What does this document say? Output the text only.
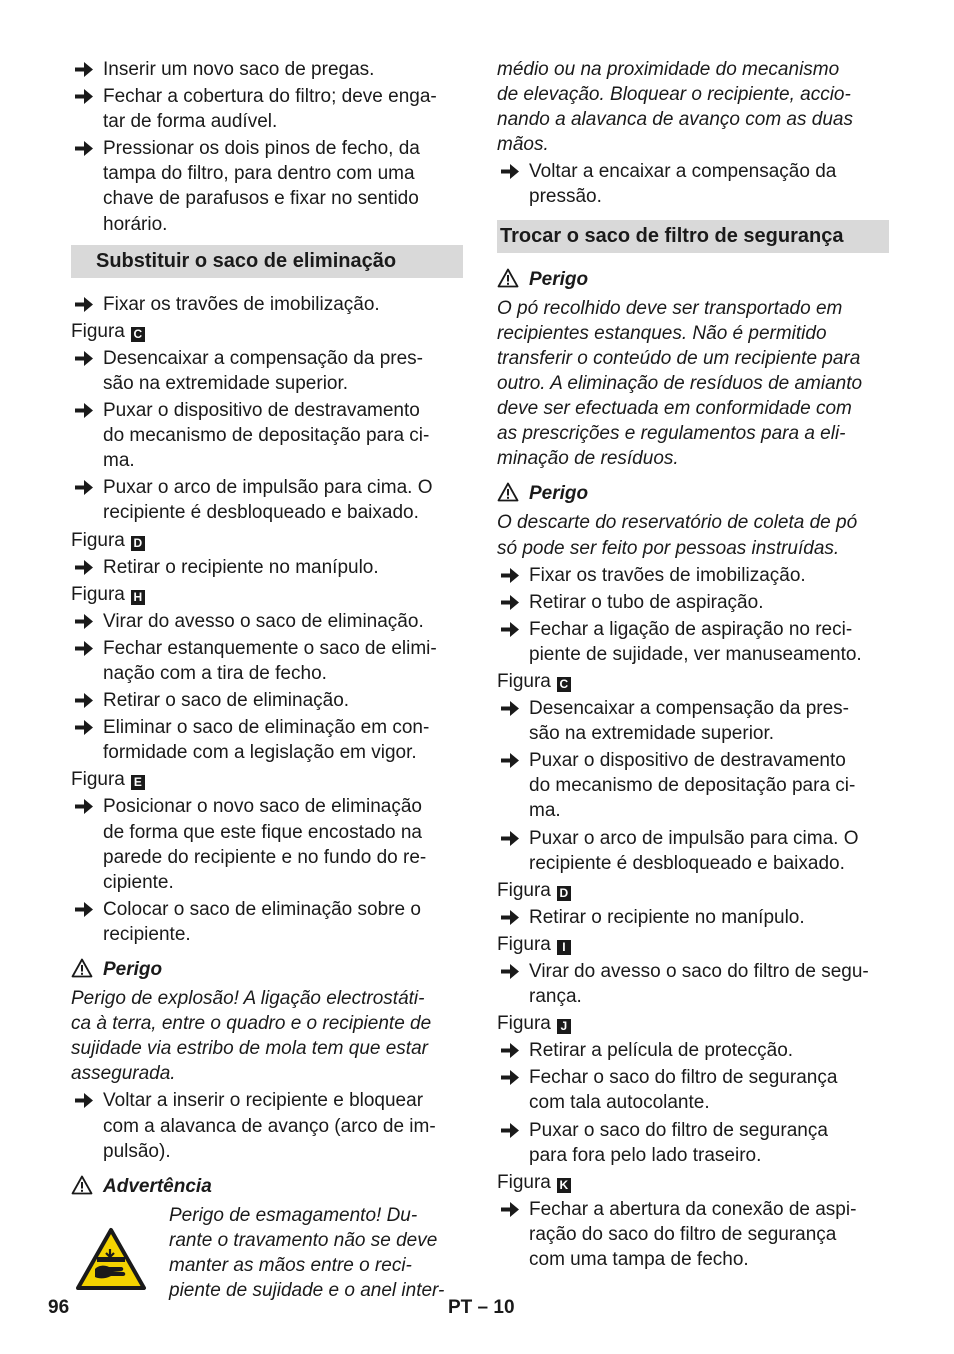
Inserir um novo saco de pregas.
Fechar a cobertura do filtro; deve enga-
tar de forma audível.
Pressionar os dois pinos de fecho, da
tampa do filtro, para dentro com uma
chave de parafusos e fixar no sentido
horário.
Substituir o saco de eliminação
Fixar os travões de imobilização.
Figura C
Desencaixar a compensação da pres-
são na extremidade superior.
Puxar o dispositivo de destravamento
do mecanismo de depositação para ci-
ma.
Puxar o arco de impulsão para cima. O
recipiente é desbloqueado e baixado.
Figura D
Retirar o recipiente no manípulo.
Figura H
Virar do avesso o saco de eliminação.
Fechar estanquemente o saco de elimi-
nação com a tira de fecho.
Retirar o saco de eliminação.
Eliminar o saco de eliminação em con-
formidade com a legislação em vigor.
Figura E
Posicionar o novo saco de eliminação
de forma que este fique encostado na
parede do recipiente e no fundo do re-
cipiente.
Colocar o saco de eliminação sobre o
recipiente.
Perigo
Perigo de explosão! A ligação electrostáti-
ca à terra, entre o quadro e o recipiente de
sujidade via estribo de mola tem que estar
assegurada.
Voltar a inserir o recipiente e bloquear
com a alavanca de avanço (arco de im-
pulsão).
Advertência
Perigo de esmagamento! Du-
rante o travamento não se deve
manter as mãos entre o reci-
piente de sujidade e o anel inter-
médio ou na proximidade do mecanismo
de elevação. Bloquear o recipiente, accio-
nando a alavanca de avanço com as duas
mãos.
Voltar a encaixar a compensação da
pressão.
Trocar o saco de filtro de segurança
Perigo
O pó recolhido deve ser transportado em
recipientes estanques. Não é permitido
transferir o conteúdo de um recipiente para
outro. A eliminação de resíduos de amianto
deve ser efectuada em conformidade com
as prescrições e regulamentos para a eli-
minação de resíduos.
Perigo
O descarte do reservatório de coleta de pó
só pode ser feito por pessoas instruídas.
Fixar os travões de imobilização.
Retirar o tubo de aspiração.
Fechar a ligação de aspiração no reci-
piente de sujidade, ver manuseamento.
Figura C
Desencaixar a compensação da pres-
são na extremidade superior.
Puxar o dispositivo de destravamento
do mecanismo de depositação para ci-
ma.
Puxar o arco de impulsão para cima. O
recipiente é desbloqueado e baixado.
Figura D
Retirar o recipiente no manípulo.
Figura I
Virar do avesso o saco do filtro de segu-
rança.
Figura J
Retirar a película de protecção.
Fechar o saco do filtro de segurança
com tala autocolante.
Puxar o saco do filtro de segurança
para fora pelo lado traseiro.
Figura K
Fechar a abertura da conexão de aspi-
ração do saco do filtro de segurança
com uma tampa de fecho.
96	PT – 10
